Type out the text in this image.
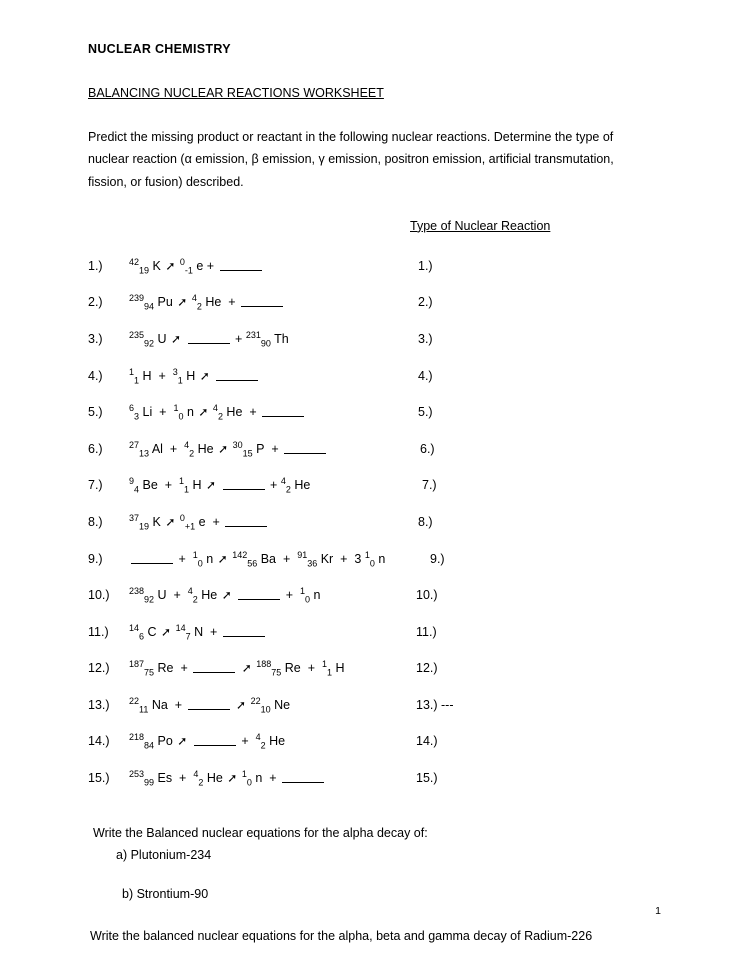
NUCLEAR CHEMISTRY
BALANCING NUCLEAR REACTIONS WORKSHEET
Predict the missing product or reactant in the following nuclear reactions. Determine the type of nuclear reaction (α emission, β emission, γ emission, positron emission, artificial transmutation, fission, or fusion) described.
Type of Nuclear Reaction
1.)	$^{42}_{19}$ K ➚ $^0_{-1}$ e +	1.)
2.)	$^{239}_{94}$ Pu ➚ $^4_2$ He  +	2.)
3.)	$^{235}_{92}$ U ➚	+ $^{231}_{90}$ Th	3.)
4.)	$^1_1$ H  +  $^3_1$ H ➚	4.)
5.)	$^6_3$ Li  +  $^1_0$ n ➚ $^4_2$ He  +	5.)
6.)	$^{27}_{13}$ Al  +  $^4_2$ He ➚ $^{30}_{15}$ P  +	6.)
7.)	$^9_4$ Be  +  $^1_1$ H ➚	+ $^4_2$ He	7.)
8.)	$^{37}_{19}$ K ➚ $^0_{+1}$ e  +	8.)
9.)	+  $^1_0$ n ➚ $^{142}_{56}$ Ba  +  $^{91}_{36}$ Kr  +  3 $^1_0$ n	9.)
10.)	$^{238}_{92}$ U  +  $^4_2$ He ➚	+  $^1_0$ n	10.)
11.)	$^{14}_6$ C ➚ $^{14}_7$ N  +	11.)
12.)	$^{187}_{75}$ Re  +	➚ $^{188}_{75}$ Re  +  $^1_1$ H	12.)
13.)	$^{22}_{11}$ Na  +	➚ $^{22}_{10}$ Ne	13.) ---
14.)	$^{218}_{84}$ Po ➚	+  $^4_2$ He	14.)
15.)	$^{253}_{99}$ Es  +  $^4_2$ He ➚ $^1_0$ n  +	15.)
Write the Balanced nuclear equations for the alpha decay of:
a) Plutonium-234
b) Strontium-90
Write the balanced nuclear equations for the alpha, beta and gamma decay of Radium-226
1
